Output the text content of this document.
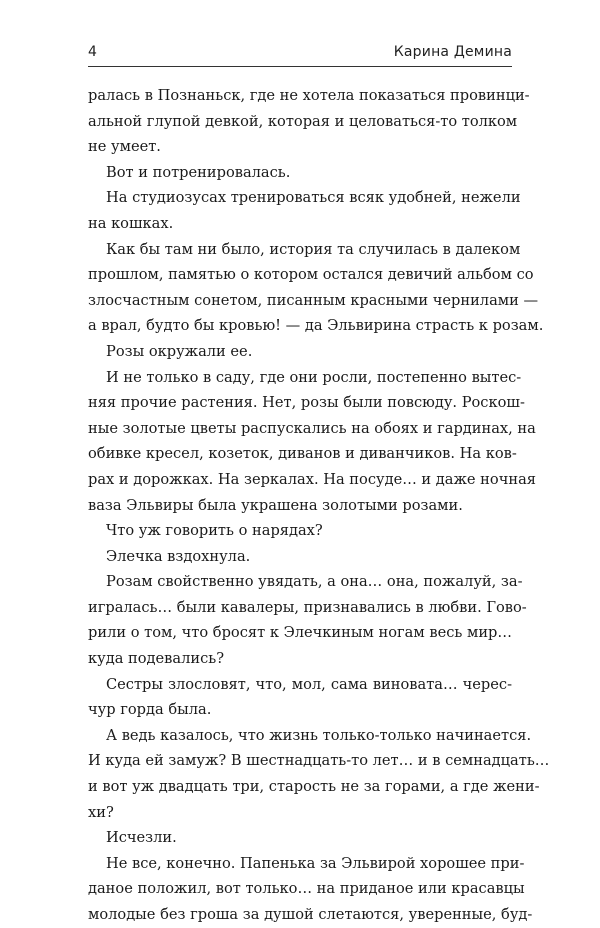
4	Карина Демина
ралась в Познаньск, где не хотела показаться провинци-
альной глупой девкой, которая и целоваться-то толком
не умеет.
Вот и потренировалась.
На студиозусах тренироваться всяк удобней, нежели
на кошках.
Как бы там ни было, история та случилась в далеком
прошлом, памятью о котором остался девичий альбом со
злосчастным сонетом, писанным красными чернилами —
а врал, будто бы кровью! — да Эльвирина страсть к розам.
Розы окружали ее.
И не только в саду, где они росли, постепенно вытес-
няя прочие растения. Нет, розы были повсюду. Роскош-
ные золотые цветы распускались на обоях и гардинах, на
обивке кресел, козеток, диванов и диванчиков. На ков-
рах и дорожках. На зеркалах. На посуде… и даже ночная
ваза Эльвиры была украшена золотыми розами.
Что уж говорить о нарядах?
Элечка вздохнула.
Розам свойственно увядать, а она… она, пожалуй, за-
игралась… были кавалеры, признавались в любви. Гово-
рили о том, что бросят к Элечкиным ногам весь мир…
куда подевались?
Сестры злословят, что, мол, сама виновата… черес-
чур горда была.
А ведь казалось, что жизнь только-только начинается.
И куда ей замуж? В шестнадцать-то лет… и в семнадцать…
и вот уж двадцать три, старость не за горами, а где жени-
хи?
Исчезли.
Не все, конечно. Папенька за Эльвирой хорошее при-
даное положил, вот только… на приданое или красавцы
молодые без гроша за душой слетаются, уверенные, буд-
